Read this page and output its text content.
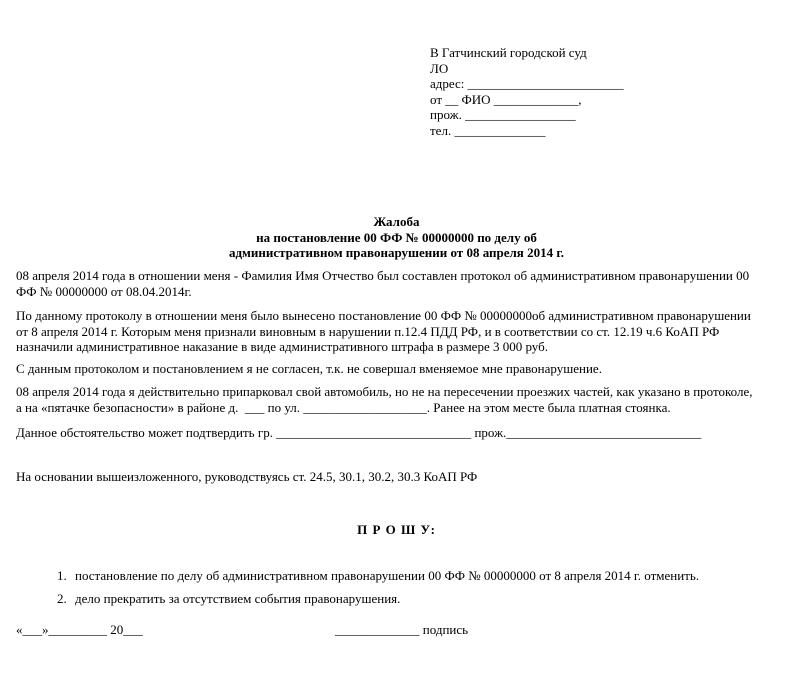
В Гатчинский городской суд
ЛО
адрес: ________________________
от __ ФИО _____________,
прож. _________________
тел. ______________
Жалоба
на постановление 00 ФФ № 00000000 по делу об
административном правонарушении от 08 апреля 2014 г.
08 апреля 2014 года в отношении меня - Фамилия Имя Отчество был составлен протокол об административном правонарушении 00
ФФ № 00000000 от 08.04.2014г.
По данному протоколу в отношении меня было вынесено постановление 00 ФФ № 00000000об административном правонарушении
от 8 апреля 2014 г. Которым меня признали виновным в нарушении п.12.4 ПДД РФ, и в соответствии со ст. 12.19 ч.6 КоАП РФ
назначили административное наказание в виде административного штрафа в размере 3 000 руб.
С данным протоколом и постановлением я не согласен, т.к. не совершал вменяемое мне правонарушение.
08 апреля 2014 года я действительно припарковал свой автомобиль, но не на пересечении проезжих частей, как указано в протоколе,
а на «пятачке безопасности» в районе д.  ___ по ул. ___________________. Ранее на этом месте была платная стоянка.
Данное обстоятельство может подтвердить гр. ______________________________ прож.______________________________
На основании вышеизложенного, руководствуясь ст. 24.5, 30.1, 30.2, 30.3 КоАП РФ
П Р О Ш У:

1. постановление по делу об административном правонарушении 00 ФФ № 00000000 от 8 апреля 2014 г. отменить.

2. дело прекратить за отсутствием события правонарушения.

«___»_________ 20___	_____________ подпись
